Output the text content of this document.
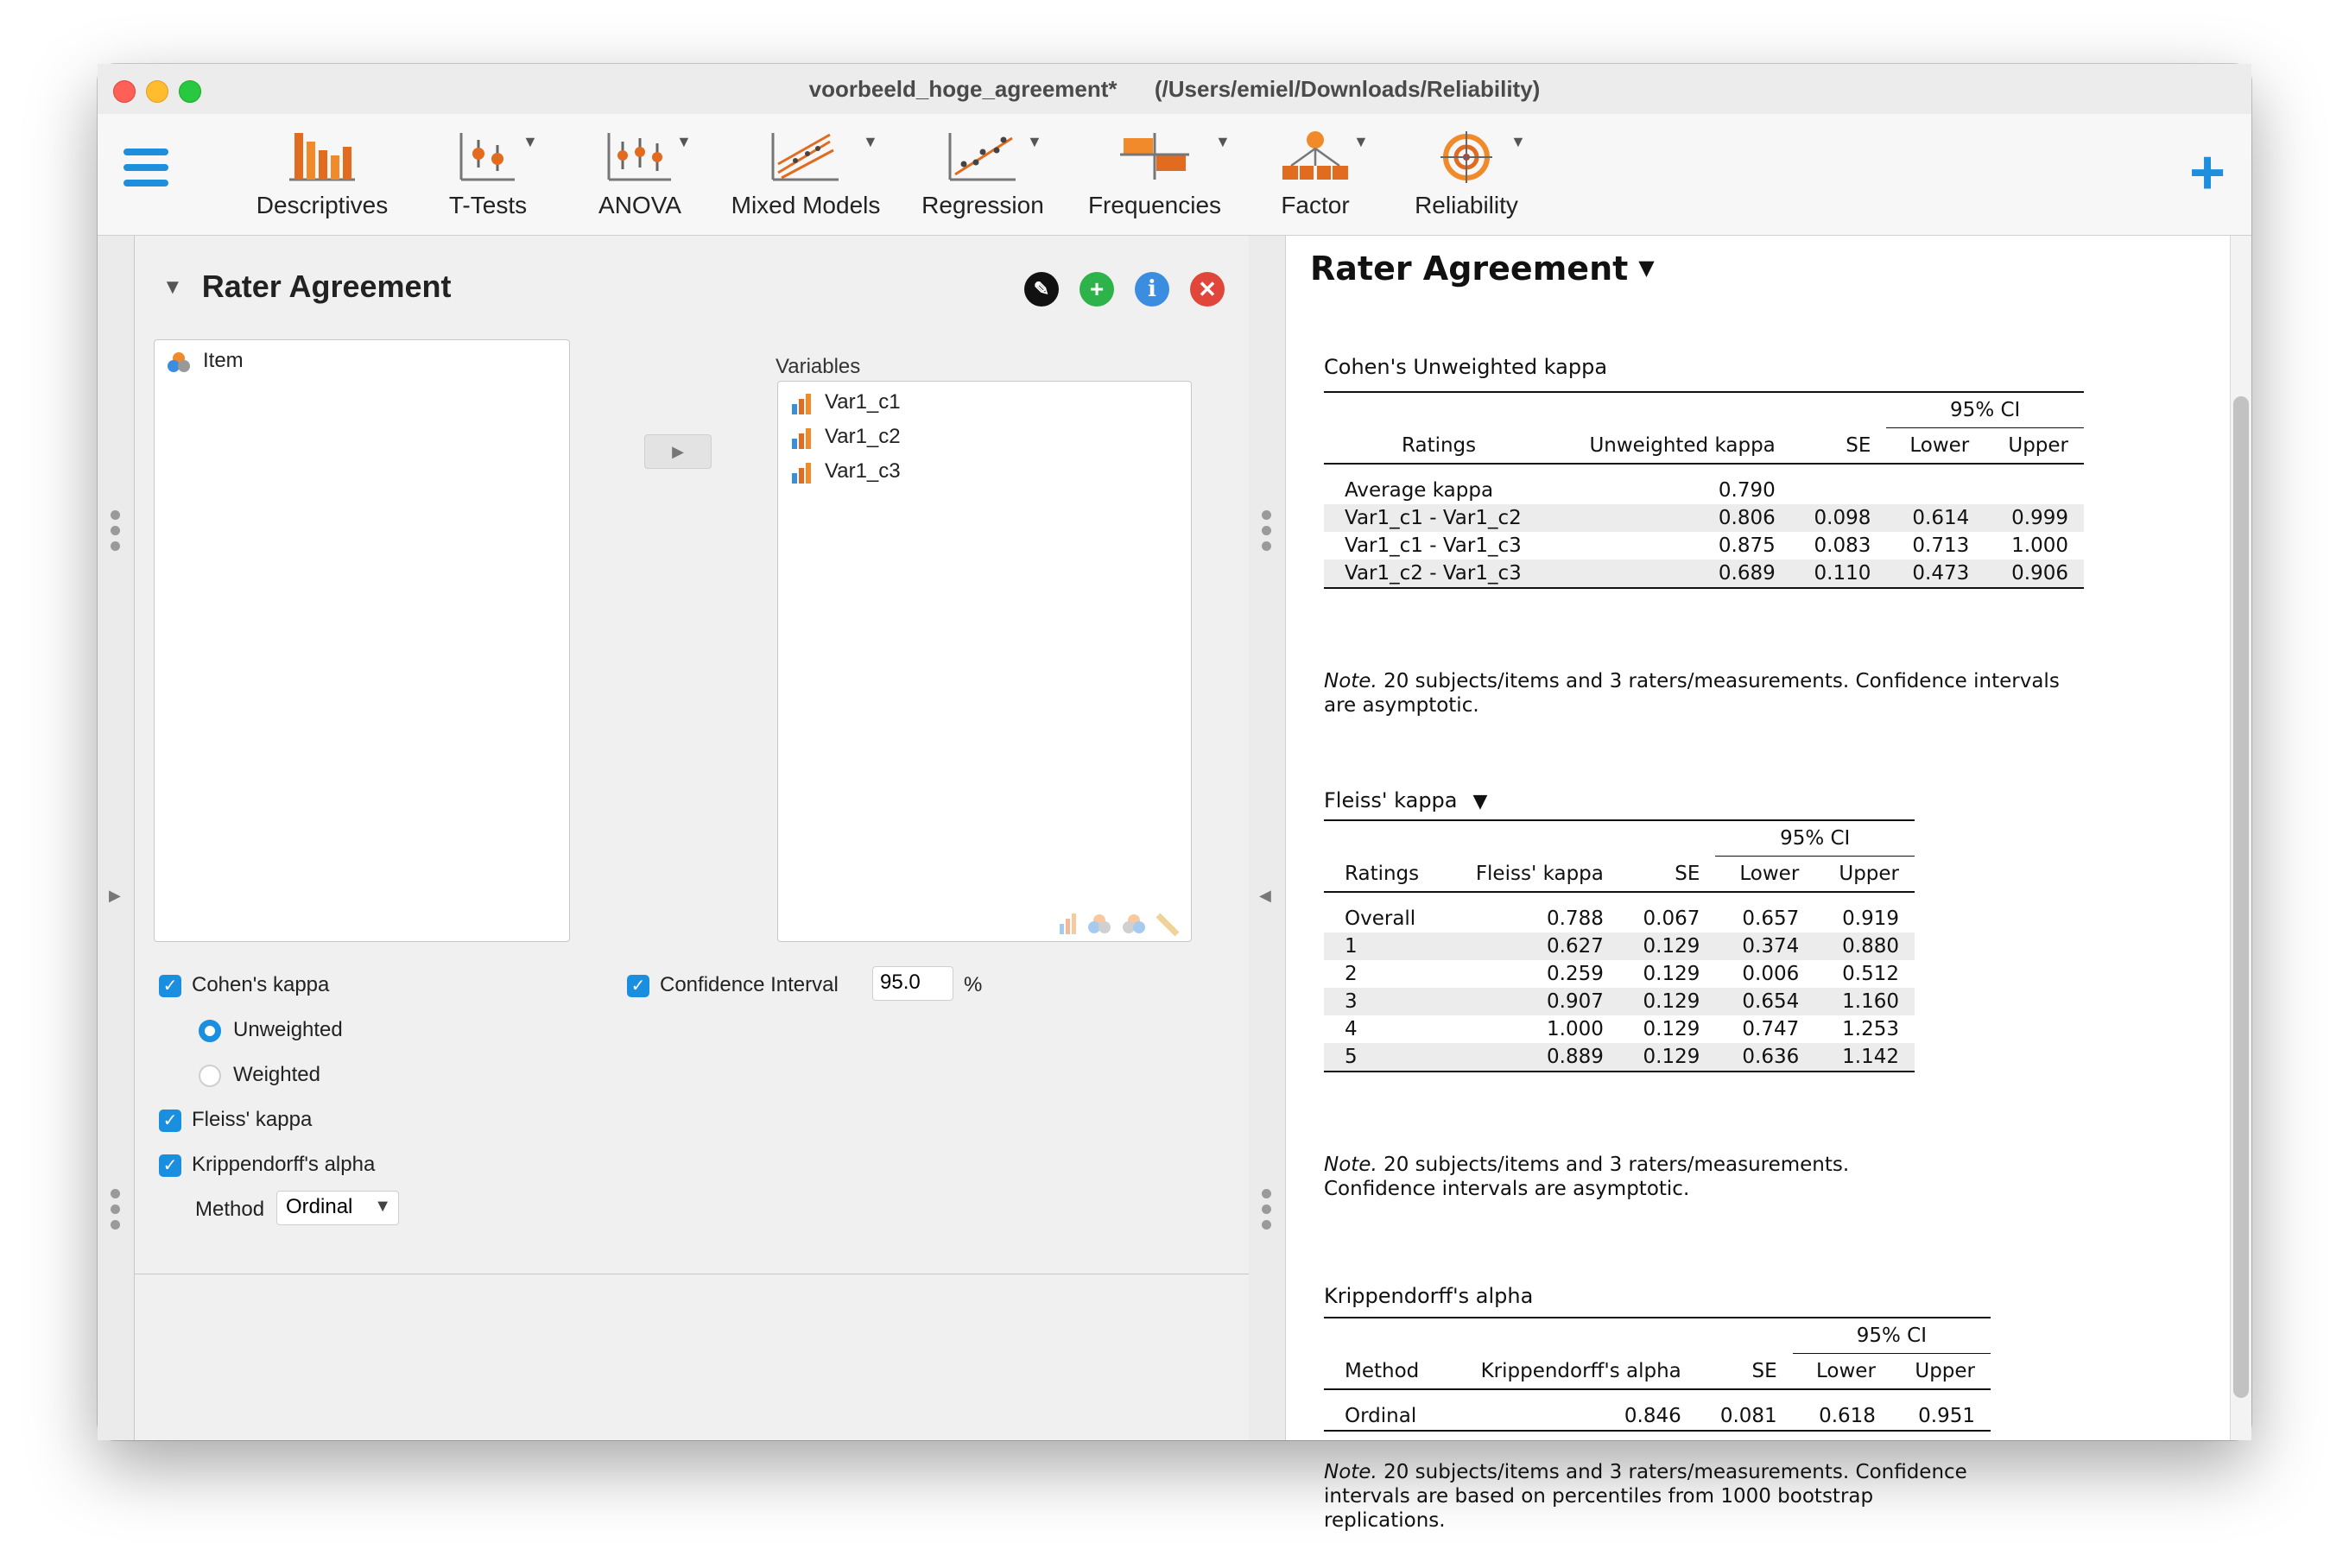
voorbeeld_hoge_agreement*      (/Users/emiel/Downloads/Reliability)
Descriptives
▼
T-Tests
▼
ANOVA
▼
Mixed Models
▼
Regression
▼
Frequencies
▼
Factor
▼
Reliability	+
▶
▼ Rater Agreement	✎	+	i	✕
Item
▶
Variables
Var1_c1
Var1_c2
Var1_c3
✓ Cohen's kappa
Unweighted
Weighted
✓ Fleiss' kappa
✓ Krippendorff's alpha
Method	Ordinal ▼
✓ Confidence Interval	95.0	%
◀
Rater Agreement ▼
Cohen's Unweighted kappa
			95% CI	
Ratings	Unweighted kappa	SE	Lower	Upper

Average kappa	0.790			
Var1_c1 - Var1_c2	0.806	0.098	0.614	0.999
Var1_c1 - Var1_c3	0.875	0.083	0.713	1.000
Var1_c2 - Var1_c3	0.689	0.110	0.473	0.906
Note. 20 subjects/items and 3 raters/measurements. Confidence intervals are asymptotic.
Fleiss' kappa ▼
			95% CI	
Ratings	Fleiss' kappa	SE	Lower	Upper

Overall	0.788	0.067	0.657	0.919
1	0.627	0.129	0.374	0.880
2	0.259	0.129	0.006	0.512
3	0.907	0.129	0.654	1.160
4	1.000	0.129	0.747	1.253
5	0.889	0.129	0.636	1.142
Note. 20 subjects/items and 3 raters/measurements. Confidence intervals are asymptotic.
Krippendorff's alpha
			95% CI	
Method	Krippendorff's alpha	SE	Lower	Upper

Ordinal	0.846	0.081	0.618	0.951
Note. 20 subjects/items and 3 raters/measurements. Confidence intervals are based on percentiles from 1000 bootstrap replications.
